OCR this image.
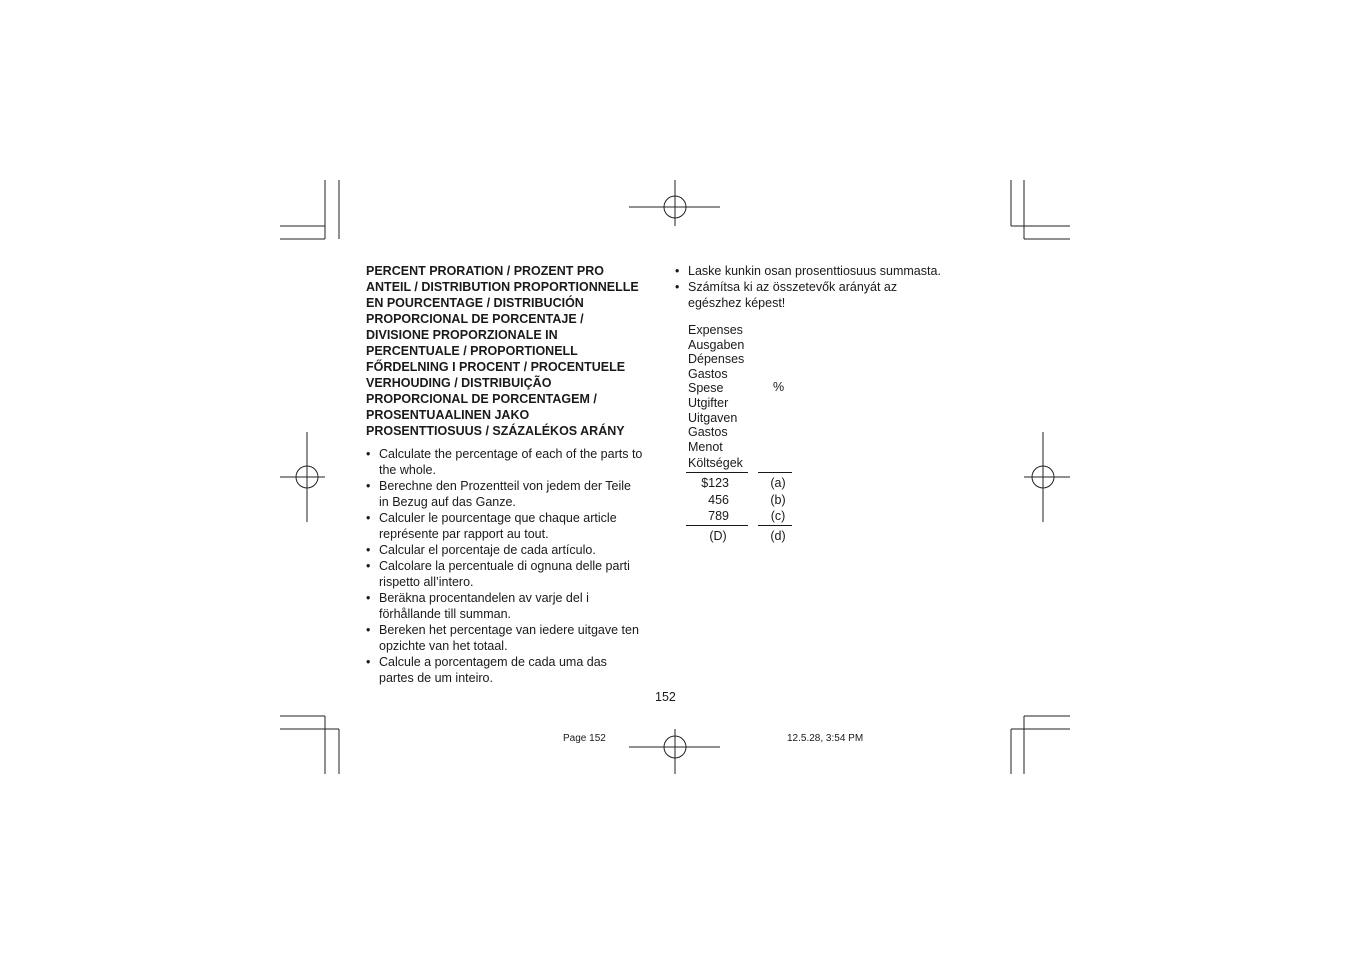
PERCENT PRORATION / PROZENT PRO
ANTEIL / DISTRIBUTION PROPORTIONNELLE
EN POURCENTAGE / DISTRIBUCIÓN
PROPORCIONAL DE PORCENTAJE /
DIVISIONE PROPORZIONALE IN
PERCENTUALE / PROPORTIONELL
FŐRDELNING I PROCENT / PROCENTUELE
VERHOUDING / DISTRIBUIÇÃO
PROPORCIONAL DE PORCENTAGEM /
PROSENTUAALINEN JAKO
PROSENTTIOSUUS / SZÁZALÉKOS ARÁNY
• Calculate the percentage of each of the parts to
the whole.
• Berechne den Prozentteil von jedem der Teile
in Bezug auf das Ganze.
• Calculer le pourcentage que chaque article
représente par rapport au tout.
• Calcular el porcentaje de cada artículo.
• Calcolare la percentuale di ognuna delle parti
rispetto all’intero.
• Beräkna procentandelen av varje del i
förhållande till summan.
• Bereken het percentage van iedere uitgave ten
opzichte van het totaal.
• Calcule a porcentagem de cada uma das
partes de um inteiro.
• Laske kunkin osan prosenttiosuus summasta.
• Számítsa ki az összetevők arányát az
egészhez képest!
Expenses
Ausgaben
Dépenses
Gastos
Spese
Utgifter
Uitgaven
Gastos
Menot
Költségek
%
$123
456
789
(a)
(b)
(c)
(D)	(d)
152
Page 152	12.5.28, 3:54 PM
